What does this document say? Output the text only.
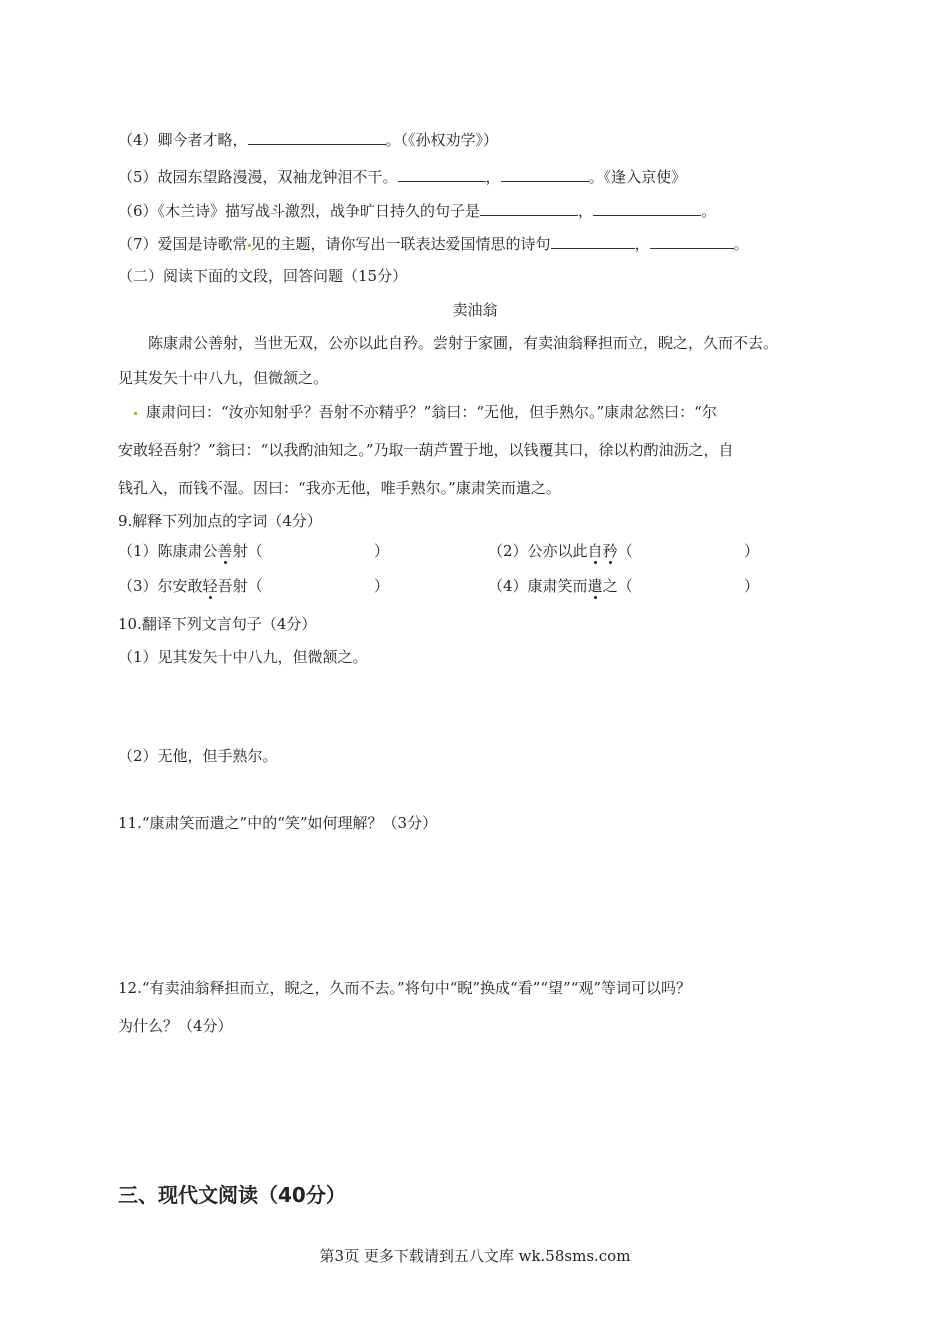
（4）卿今者才略，	。（《孙权劝学》）
（5）故园东望路漫漫，双袖龙钟泪不干。	，	。《逢入京使》
（6）《木兰诗》描写战斗激烈，战争旷日持久的句子是	，	。
（7）爱国是诗歌常 见的主题，请你写出一联表达爱国情思的诗句	，	。
（二）阅读下面的文段，回答问题（15分）
卖油翁
陈康肃公善射，当世无双，公亦以此自矜。尝射于家圃，有卖油翁释担而立，睨之，久而不去。
见其发矢十中八九，但微颔之。
康肃问曰：“汝亦知射乎？吾射不亦精乎？”翁曰：“无他，但手熟尔。”康肃忿然曰：“尔
安敢轻吾射？”翁曰：“以我酌油知之。”乃取一葫芦置于地，以钱覆其口，徐以杓酌油沥之，自
钱孔入，而钱不湿。因曰：“我亦无他，唯手熟尔。”康肃笑而遣之。
9.解释下列加点的字词（4分）
（1）陈康肃公善射（	）	（2）公亦以此自矜（	）
（3）尔安敢轻吾射（	）	（4）康肃笑而遣之（	）
10.翻译下列文言句子（4分）
（1）见其发矢十中八九，但微颔之。
（2）无他，但手熟尔。
11.“康肃笑而遣之”中的“笑”如何理解？（3分）
12.“有卖油翁释担而立，睨之，久而不去。”将句中“睨”换成“看”“望”“观”等词可以吗？
为什么？（4分）
三、现代文阅读（40分）
第3页 更多下载请到五八文库 wk.58sms.com
